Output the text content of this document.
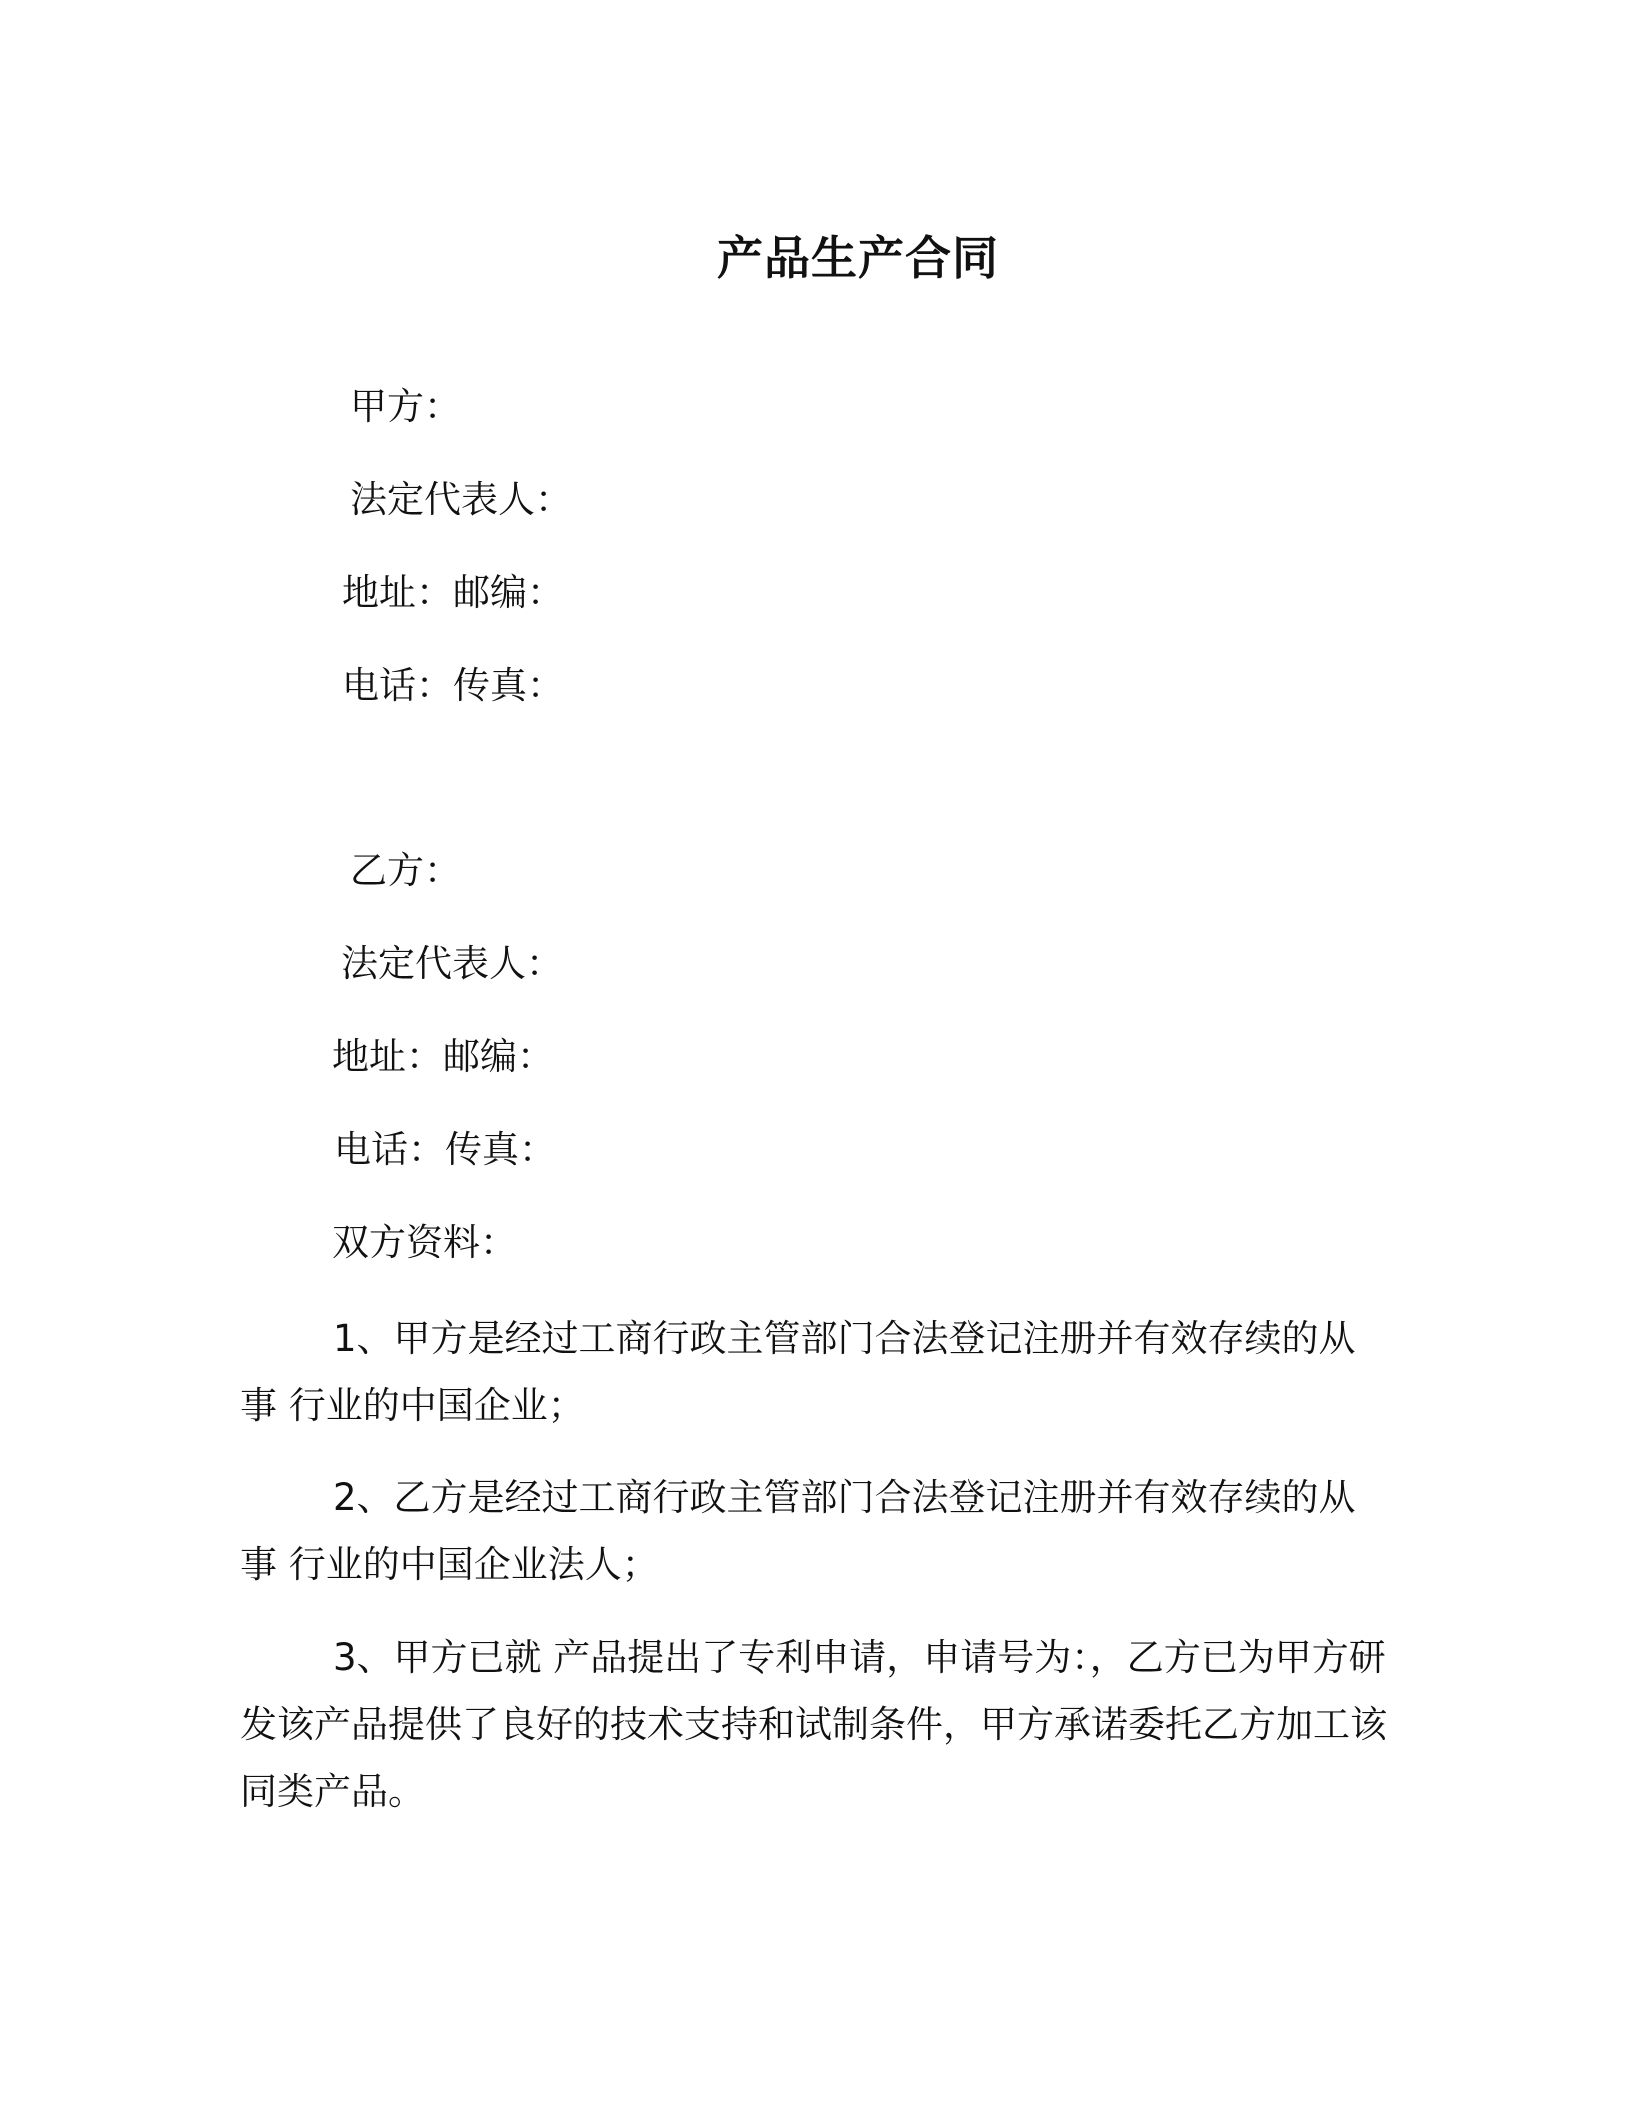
产品生产合同
甲方：
法定代表人：
地址：邮编：
电话：传真：
乙方：
法定代表人：
地址：邮编：
电话：传真：
双方资料：
1、甲方是经过工商行政主管部门合法登记注册并有效存续的从事 行业的中国企业；
2、乙方是经过工商行政主管部门合法登记注册并有效存续的从事 行业的中国企业法人；
3、甲方已就 产品提出了专利申请，申请号为：，乙方已为甲方研发该产品提供了良好的技术支持和试制条件，甲方承诺委托乙方加工该同类产品。
